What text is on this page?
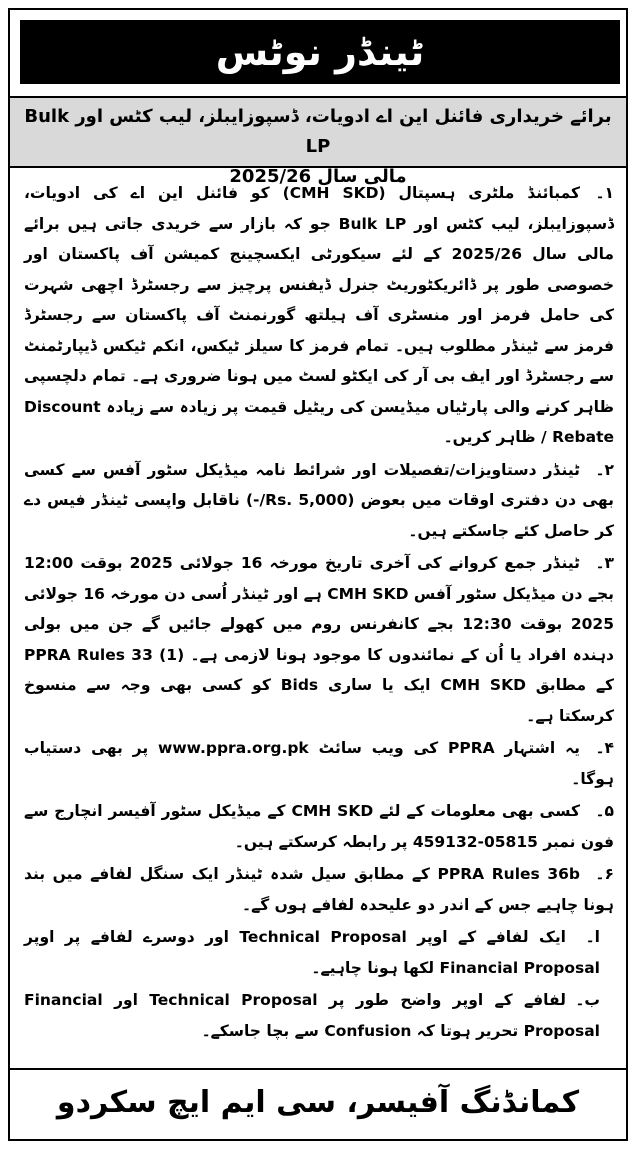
ٹینڈر نوٹس
برائے خریداری فائنل این اے ادویات، ڈسپوزایبلز، لیب کٹس اور Bulk LP
مالی سال 2025/26

۱۔کمبائنڈ ملٹری ہسپتال (CMH SKD) کو فائنل این اے کی ادویات، ڈسپوزایبلز، لیب کٹس اور Bulk LP جو کہ بازار سے خریدی جاتی ہیں برائے مالی سال 2025/26 کے لئے سیکورٹی ایکسچینج کمیشن آف پاکستان اور خصوصی طور پر ڈائریکٹوریٹ جنرل ڈیفنس پرچیز سے رجسٹرڈ اچھی شہرت کی حامل فرمز اور منسٹری آف ہیلتھ گورنمنٹ آف پاکستان سے رجسٹرڈ فرمز سے ٹینڈر مطلوب ہیں۔ تمام فرمز کا سیلز ٹیکس، انکم ٹیکس ڈیپارٹمنٹ سے رجسٹرڈ اور ایف بی آر کی ایکٹو لسٹ میں ہونا ضروری ہے۔ تمام دلچسپی ظاہر کرنے والی پارٹیاں میڈیسن کی ریٹیل قیمت پر زیادہ سے زیادہ Discount / Rebate ظاہر کریں۔

۲۔ٹینڈر دستاویزات/تفصیلات اور شرائط نامہ میڈیکل سٹور آفس سے کسی بھی دن دفتری اوقات میں بعوض (Rs. 5,000/-) ناقابل واپسی ٹینڈر فیس دے کر حاصل کئے جاسکتے ہیں۔

۳۔ٹینڈر جمع کروانے کی آخری تاریخ مورخہ 16 جولائی 2025 بوقت 12:00 بجے دن میڈیکل سٹور آفس CMH SKD ہے اور ٹینڈر اُسی دن مورخہ 16 جولائی 2025 بوقت 12:30 بجے کانفرنس روم میں کھولے جائیں گے جن میں بولی دہندہ افراد یا اُن کے نمائندوں کا موجود ہونا لازمی ہے۔ (1) PPRA Rules 33 کے مطابق CMH SKD ایک یا ساری Bids کو کسی بھی وجہ سے منسوخ کرسکتا ہے۔

۴۔یہ اشتہار PPRA کی ویب سائٹ www.ppra.org.pk پر بھی دستیاب ہوگا۔

۵۔کسی بھی معلومات کے لئے CMH SKD کے میڈیکل سٹور آفیسر انچارج سے فون نمبر 05815-459132 پر رابطہ کرسکتے ہیں۔

۶۔PPRA Rules 36b کے مطابق سیل شدہ ٹینڈر ایک سنگل لفافے میں بند ہونا چاہیے جس کے اندر دو علیحدہ لفافے ہوں گے۔

ا۔ایک لفافے کے اوپر Technical Proposal اور دوسرے لفافے پر اوپر Financial Proposal لکھا ہونا چاہیے۔

ب۔لفافے کے اوپر واضح طور پر Technical Proposal اور Financial Proposal تحریر ہوتا کہ Confusion سے بچا جاسکے۔

کمانڈنگ آفیسر، سی ایم ایچ سکردو
